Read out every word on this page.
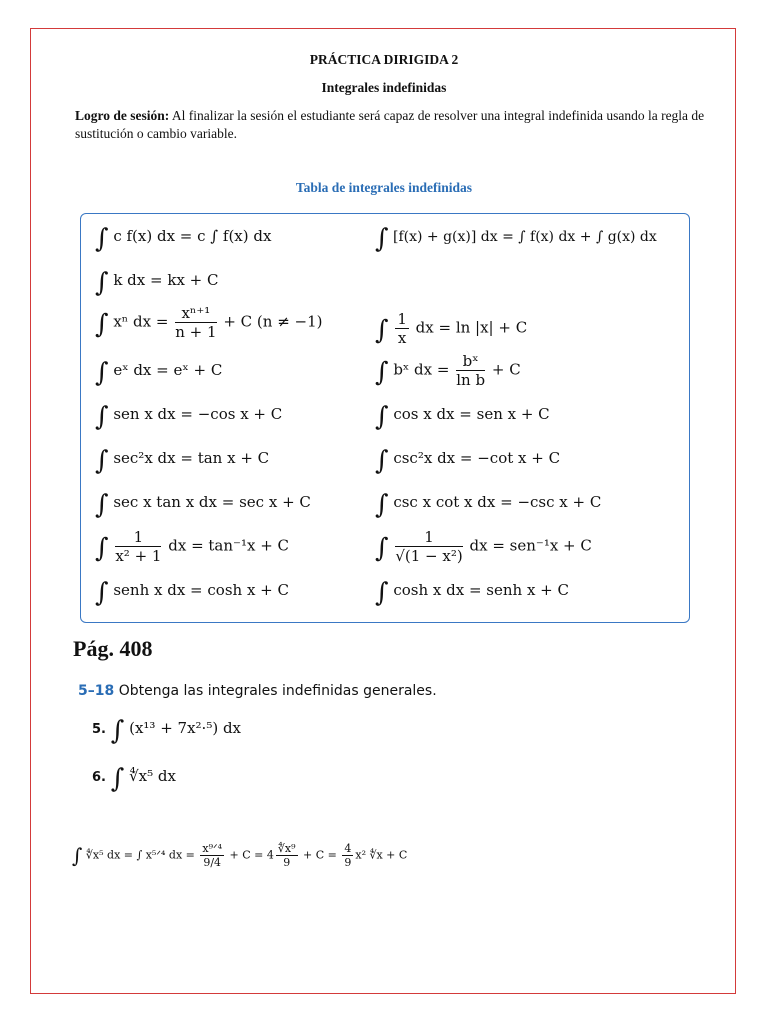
PRÁCTICA DIRIGIDA 2
Integrales indefinidas
Logro de sesión: Al finalizar la sesión el estudiante será capaz de resolver una integral indefinida usando la regla de sustitución o cambio variable.
Tabla de integrales indefinidas
∫ c f(x) dx = c ∫ f(x) dx
∫ k dx = kx + C
∫ xⁿ dx = $\frac{\text{xⁿ⁺¹}}{n + 1} + C$ (n ≠ −1)
∫ eˣ dx = eˣ + C
∫ sen x dx = −cos x + C
∫ sec²x dx = tan x + C
∫ sec x tan x dx = sec x + C
∫ $\frac{1}{\text{x² + 1}}$ dx = tan⁻¹x + C
∫ senh x dx = cosh x + C
∫ [f(x) + g(x)] dx = ∫ f(x) dx + ∫ g(x) dx
∫ $\frac{1}{x}$ dx = ln |x| + C
∫ bˣ dx = $\frac{\text{bˣ}}{\text{ln b}} + C$
∫ cos x dx = sen x + C
∫ csc²x dx = −cot x + C
∫ csc x cot x dx = −csc x + C
∫ $\frac{1}{\text{√(1 − x²)}}$ dx = sen⁻¹x + C
∫ cosh x dx = senh x + C
Pág. 408
5–18 Obtenga las integrales indefinidas generales.
5. ∫ (x¹³ + 7x²·⁵) dx
6. ∫ ∜x⁵ dx
∫ ∜x⁵ dx = ∫ x⁵ᐟ⁴ dx = $\frac{\text{x⁹ᐟ⁴}}{9/4} + C = 4 \frac{\text{∜x⁹}}{9} + C = \frac{4}{9} x^2$ ∜x + C
